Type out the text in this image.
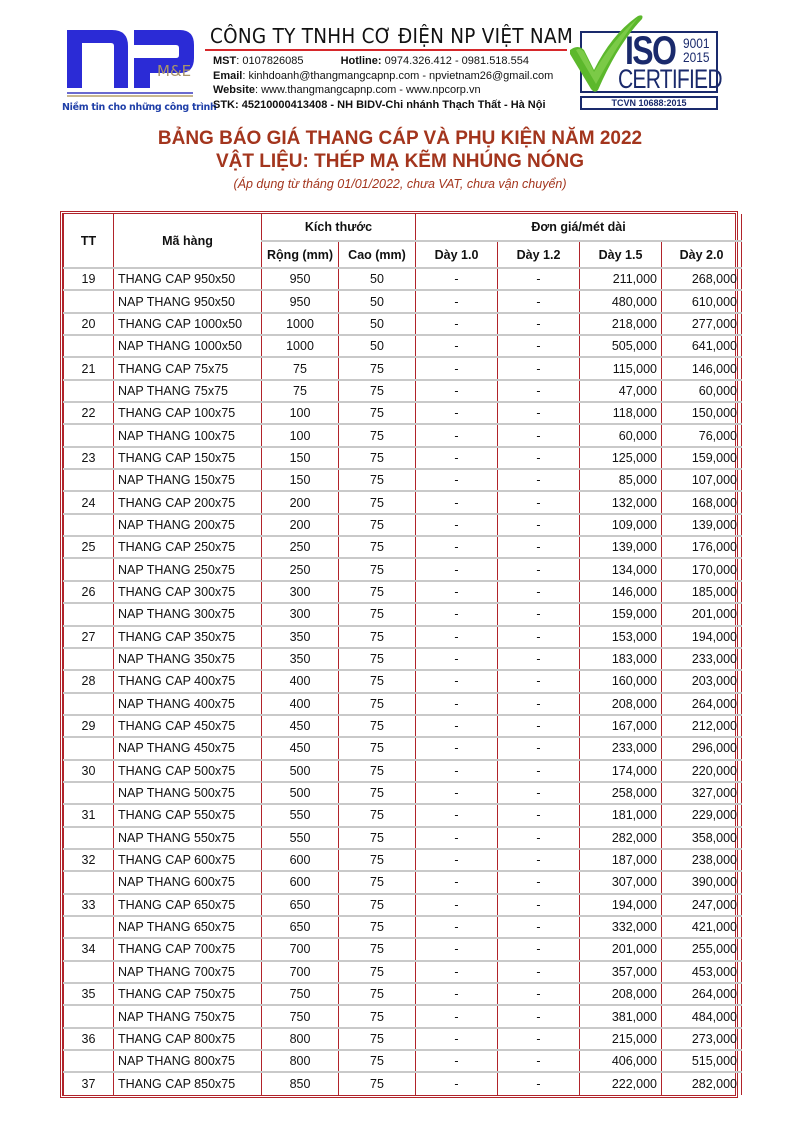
M&E
Niềm tin cho những công trình
CÔNG TY TNHH CƠ ĐIỆN NP VIỆT NAM
MST: 0107826085	Hotline: 0974.326.412 - 0981.518.554
Email: kinhdoanh@thangmangcapnp.com - npvietnam26@gmail.com
Website: www.thangmangcapnp.com - www.npcorp.vn
STK: 45210000413408 - NH BIDV-Chi nhánh Thạch Thất - Hà Nội
ISO 9001
2015
CERTIFIED
TCVN 10688:2015
BẢNG BÁO GIÁ THANG CÁP VÀ PHỤ KIỆN NĂM 2022
VẬT LIỆU: THÉP MẠ KẼM NHÚNG NÓNG
(Áp dụng từ tháng 01/01/2022, chưa VAT, chưa vận chuyển)
TT	Mã hàng	Kích thước		Đơn giá/mét dài			
		Rộng (mm)	Cao (mm)	Dày 1.0	Dày 1.2	Dày 1.5	Dày 2.0
19	THANG CAP 950x50	950	50	-	-	211,000	268,000
	NAP THANG 950x50	950	50	-	-	480,000	610,000
20	THANG CAP 1000x50	1000	50	-	-	218,000	277,000
	NAP THANG 1000x50	1000	50	-	-	505,000	641,000
21	THANG CAP 75x75	75	75	-	-	115,000	146,000
	NAP THANG 75x75	75	75	-	-	47,000	60,000
22	THANG CAP 100x75	100	75	-	-	118,000	150,000
	NAP THANG 100x75	100	75	-	-	60,000	76,000
23	THANG CAP 150x75	150	75	-	-	125,000	159,000
	NAP THANG 150x75	150	75	-	-	85,000	107,000
24	THANG CAP 200x75	200	75	-	-	132,000	168,000
	NAP THANG 200x75	200	75	-	-	109,000	139,000
25	THANG CAP 250x75	250	75	-	-	139,000	176,000
	NAP THANG 250x75	250	75	-	-	134,000	170,000
26	THANG CAP 300x75	300	75	-	-	146,000	185,000
	NAP THANG 300x75	300	75	-	-	159,000	201,000
27	THANG CAP 350x75	350	75	-	-	153,000	194,000
	NAP THANG 350x75	350	75	-	-	183,000	233,000
28	THANG CAP 400x75	400	75	-	-	160,000	203,000
	NAP THANG 400x75	400	75	-	-	208,000	264,000
29	THANG CAP 450x75	450	75	-	-	167,000	212,000
	NAP THANG 450x75	450	75	-	-	233,000	296,000
30	THANG CAP 500x75	500	75	-	-	174,000	220,000
	NAP THANG 500x75	500	75	-	-	258,000	327,000
31	THANG CAP 550x75	550	75	-	-	181,000	229,000
	NAP THANG 550x75	550	75	-	-	282,000	358,000
32	THANG CAP 600x75	600	75	-	-	187,000	238,000
	NAP THANG 600x75	600	75	-	-	307,000	390,000
33	THANG CAP 650x75	650	75	-	-	194,000	247,000
	NAP THANG 650x75	650	75	-	-	332,000	421,000
34	THANG CAP 700x75	700	75	-	-	201,000	255,000
	NAP THANG 700x75	700	75	-	-	357,000	453,000
35	THANG CAP 750x75	750	75	-	-	208,000	264,000
	NAP THANG 750x75	750	75	-	-	381,000	484,000
36	THANG CAP 800x75	800	75	-	-	215,000	273,000
	NAP THANG 800x75	800	75	-	-	406,000	515,000
37	THANG CAP 850x75	850	75	-	-	222,000	282,000
